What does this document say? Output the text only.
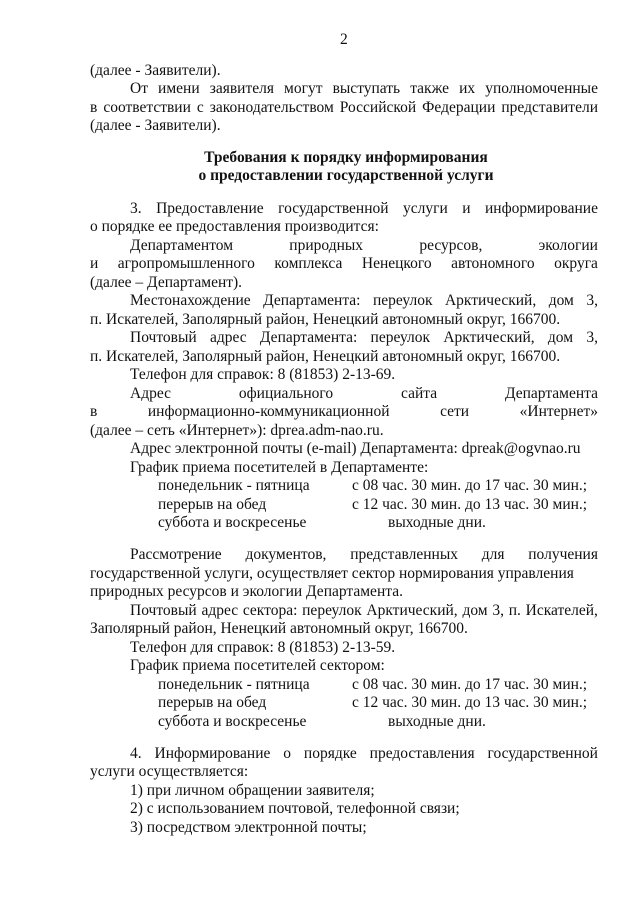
2
(далее - Заявители).
От имени заявителя могут выступать также их уполномоченные
в соответствии с законодательством Российской Федерации представители
(далее - Заявители).
Требования к порядку информирования
о предоставлении государственной услуги
3. Предоставление государственной услуги и информирование
о порядке ее предоставления производится:
Департаментом	природных	ресурсов,	экологии
и агропромышленного комплекса Ненецкого автономного округа
(далее – Департамент).
Местонахождение Департамента: переулок Арктический, дом 3,
п. Искателей, Заполярный район, Ненецкий автономный округ, 166700.
Почтовый адрес Департамента: переулок Арктический, дом 3,
п. Искателей, Заполярный район, Ненецкий автономный округ, 166700.
Телефон для справок: 8 (81853) 2-13-69.
Адрес	официального	сайта	Департамента
в	информационно-коммуникационной	сети	«Интернет»
(далее – сеть «Интернет»): dprea.adm-nao.ru.
Адрес электронной почты (e-mail) Департамента: dpreak@ogvnao.ru
График приема посетителей в Департаменте:
понедельник - пятница	с 08 час. 30 мин. до 17 час. 30 мин.;
перерыв на обед	с 12 час. 30 мин. до 13 час. 30 мин.;
суббота и воскресенье	выходные дни.
Рассмотрение документов, представленных для получения
государственной услуги, осуществляет сектор нормирования управления
природных ресурсов и экологии Департамента.
Почтовый адрес сектора: переулок Арктический, дом 3, п. Искателей,
Заполярный район, Ненецкий автономный округ, 166700.
Телефон для справок: 8 (81853) 2-13-59.
График приема посетителей сектором:
понедельник - пятница	с 08 час. 30 мин. до 17 час. 30 мин.;
перерыв на обед	с 12 час. 30 мин. до 13 час. 30 мин.;
суббота и воскресенье	выходные дни.
4. Информирование о порядке предоставления государственной
услуги осуществляется:
1) при личном обращении заявителя;
2) с использованием почтовой, телефонной связи;
3) посредством электронной почты;
